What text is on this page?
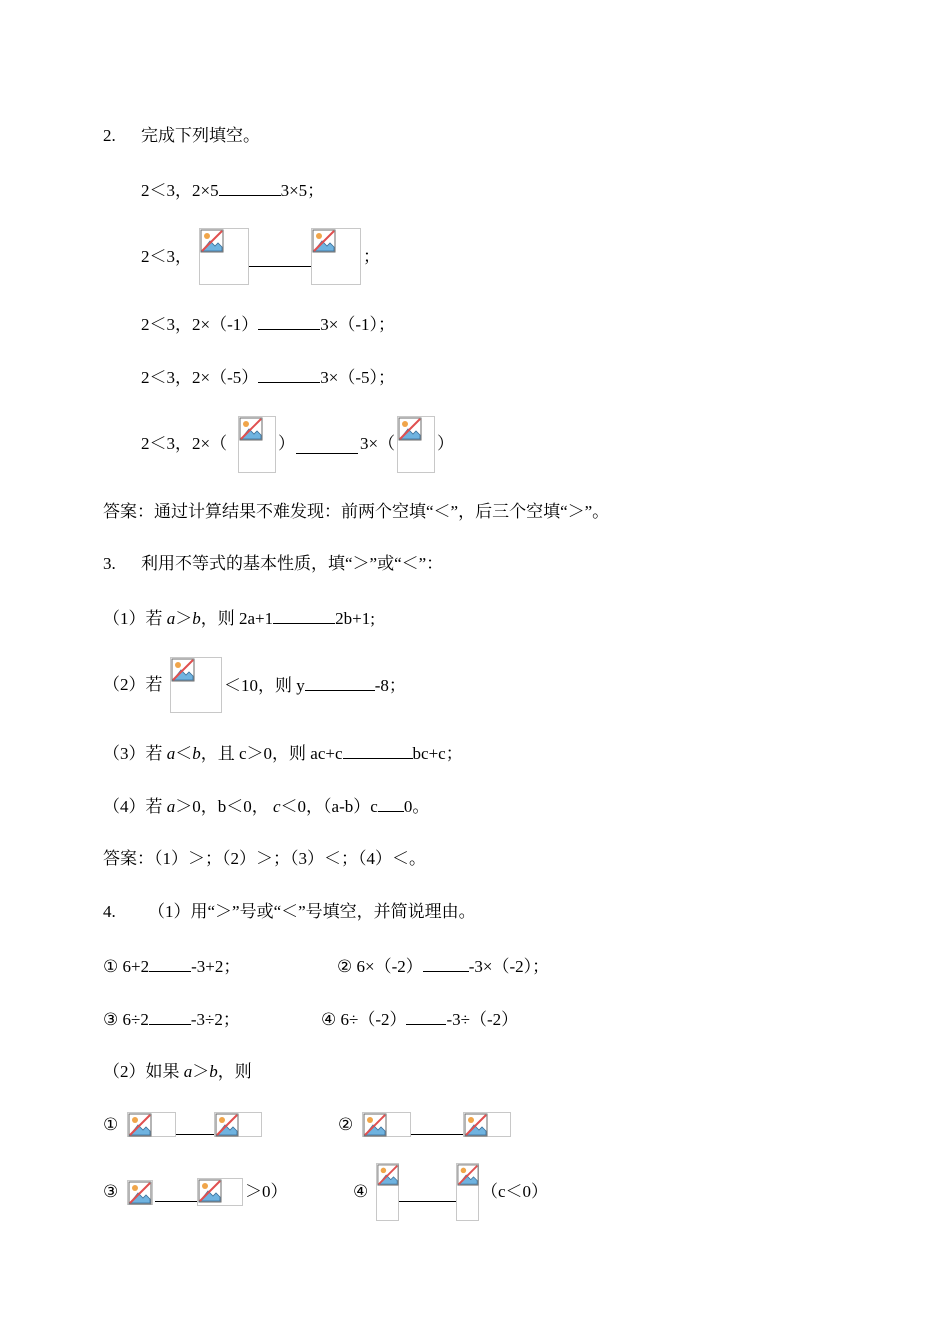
2. 完成下列填空。
2＜3，2×5	3×5；
2＜3，	；
2＜3，2×（-1）	3×（-1）；
2＜3，2×（-5）	3×（-5）；
2＜3，2×（	）	3×（ ）
答案：通过计算结果不难发现：前两个空填“＜”，后三个空填“＞”。
3. 利用不等式的基本性质，填“＞”或“＜”：
（1）若 a＞b，则 2a+1	2b+1;
（2）若	＜10，则 y	-8；
（3）若 a＜b，且 c＞0，则 ac+c	bc+c；
（4）若 a＞0，b＜0， c＜0，（a-b）c 0。
答案：（1）＞；（2）＞；（3）＜；（4）＜。
4. （1）用“＞”号或“＜”号填空，并简说理由。
① 6+2 -3+2；	② 6×（-2）	-3×（-2）；
③ 6÷2 -3÷2；	④ 6÷（-2） -3÷（-2）
（2）如果 a＞b，则
①	②
③	＞0）	④	（c＜0）
